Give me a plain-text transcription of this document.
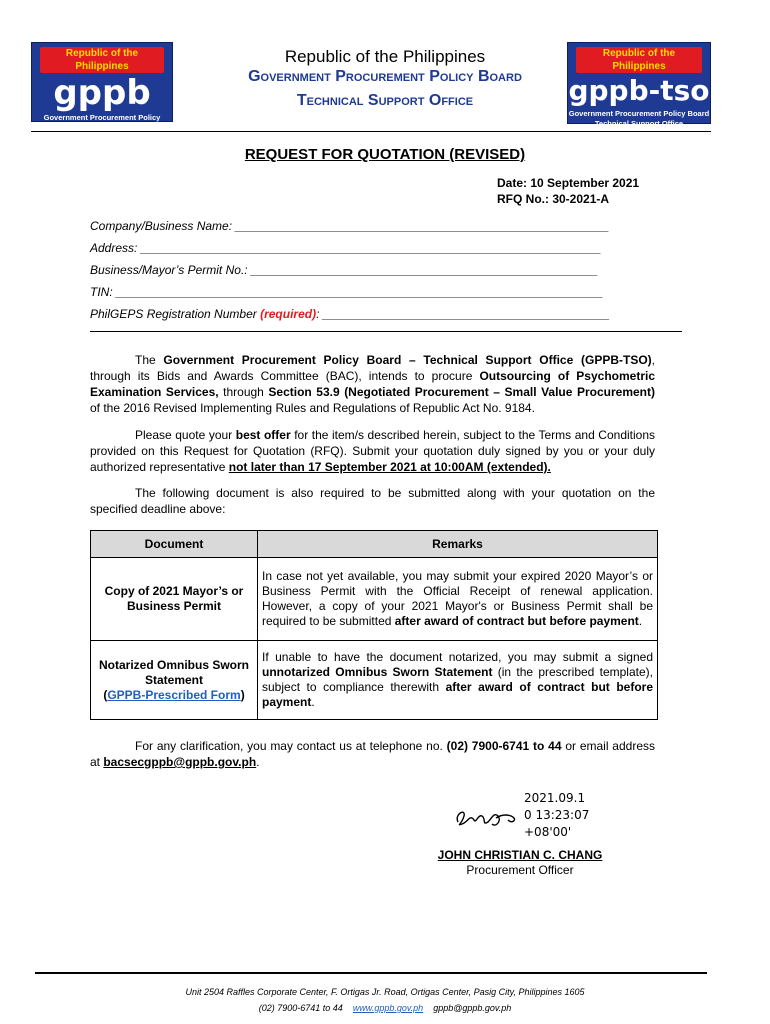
Republic of the Philippines
gppb
Government Procurement Policy Board
Republic of the Philippines
Government Procurement Policy Board
Technical Support Office
Republic of the Philippines
gppb-tso
Government Procurement Policy Board
Technical Support Office
REQUEST FOR QUOTATION (REVISED)
Date: 10 September 2021
RFQ No.: 30-2021-A
Company/Business Name: ________________________________________________________
Address: _____________________________________________________________________
Business/Mayor’s Permit No.: ____________________________________________________
TIN: _________________________________________________________________________
PhilGEPS Registration Number (required): ___________________________________________
The Government Procurement Policy Board – Technical Support Office (GPPB-TSO), through its Bids and Awards Committee (BAC), intends to procure Outsourcing of Psychometric Examination Services, through Section 53.9 (Negotiated Procurement – Small Value Procurement) of the 2016 Revised Implementing Rules and Regulations of Republic Act No. 9184.
Please quote your best offer for the item/s described herein, subject to the Terms and Conditions provided on this Request for Quotation (RFQ). Submit your quotation duly signed by you or your duly authorized representative not later than 17 September 2021 at 10:00AM (extended).
The following document is also required to be submitted along with your quotation on the specified deadline above:
Document	Remarks
Copy of 2021 Mayor’s or Business Permit	In case not yet available, you may submit your expired 2020 Mayor’s or Business Permit with the Official Receipt of renewal application. However, a copy of your 2021 Mayor's or Business Permit shall be required to be submitted after award of contract but before payment.
Notarized Omnibus Sworn Statement
(GPPB-Prescribed Form)	If unable to have the document notarized, you may submit a signed unnotarized Omnibus Sworn Statement (in the prescribed template), subject to compliance therewith after award of contract but before payment.
For any clarification, you may contact us at telephone no. (02) 7900-6741 to 44 or email address at bacsecgppb@gppb.gov.ph.
2021.09.1
0 13:23:07
+08'00'
JOHN CHRISTIAN C. CHANG
Procurement Officer
Unit 2504 Raffles Corporate Center, F. Ortigas Jr. Road, Ortigas Center, Pasig City, Philippines 1605
(02) 7900-6741 to 44 www.gppb.gov.ph gppb@gppb.gov.ph
